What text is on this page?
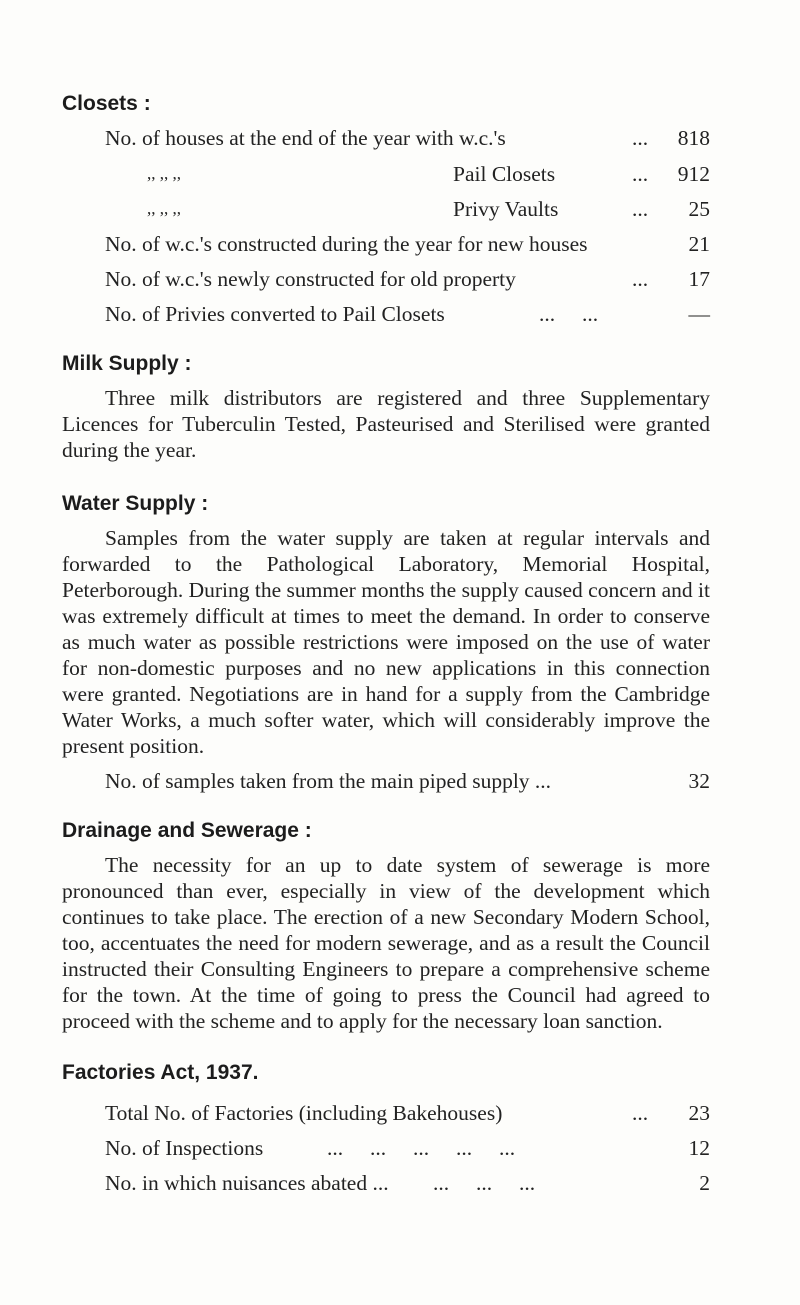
Closets :
No. of houses at the end of the year with w.c.'s	... 818
,, ,, ,,	Pail Closets	... 912
,, ,, ,,	Privy Vaults	... 25
No. of w.c.'s constructed during the year for new houses	21
No. of w.c.'s newly constructed for old property	... 17
No. of Privies converted to Pail Closets	...     ...	—
Milk Supply :

Three milk distributors are registered and three Supplementary Licences for Tuberculin Tested, Pasteurised and Sterilised were granted during the year.

Water Supply :

Samples from the water supply are taken at regular intervals and forwarded to the Pathological Laboratory, Memorial Hospital, Peterborough. During the summer months the supply caused concern and it was extremely difficult at times to meet the demand. In order to conserve as much water as possible restrictions were imposed on the use of water for non-domestic purposes and no new applications in this connection were granted. Negotiations are in hand for a supply from the Cambridge Water Works, a much softer water, which will considerably improve the present position.

No. of samples taken from the main piped supply ...	32
Drainage and Sewerage :

The necessity for an up to date system of sewerage is more pronounced than ever, especially in view of the development which continues to take place. The erection of a new Secondary Modern School, too, accentuates the need for modern sewerage, and as a result the Council instructed their Consulting Engineers to prepare a comprehensive scheme for the town. At the time of going to press the Council had agreed to proceed with the scheme and to apply for the necessary loan sanction.

Factories Act, 1937.
Total No. of Factories (including Bakehouses)	... 23
No. of Inspections	...     ...     ...     ...     ...	12
No. in which nuisances abated ... ...     ...     ...	2
